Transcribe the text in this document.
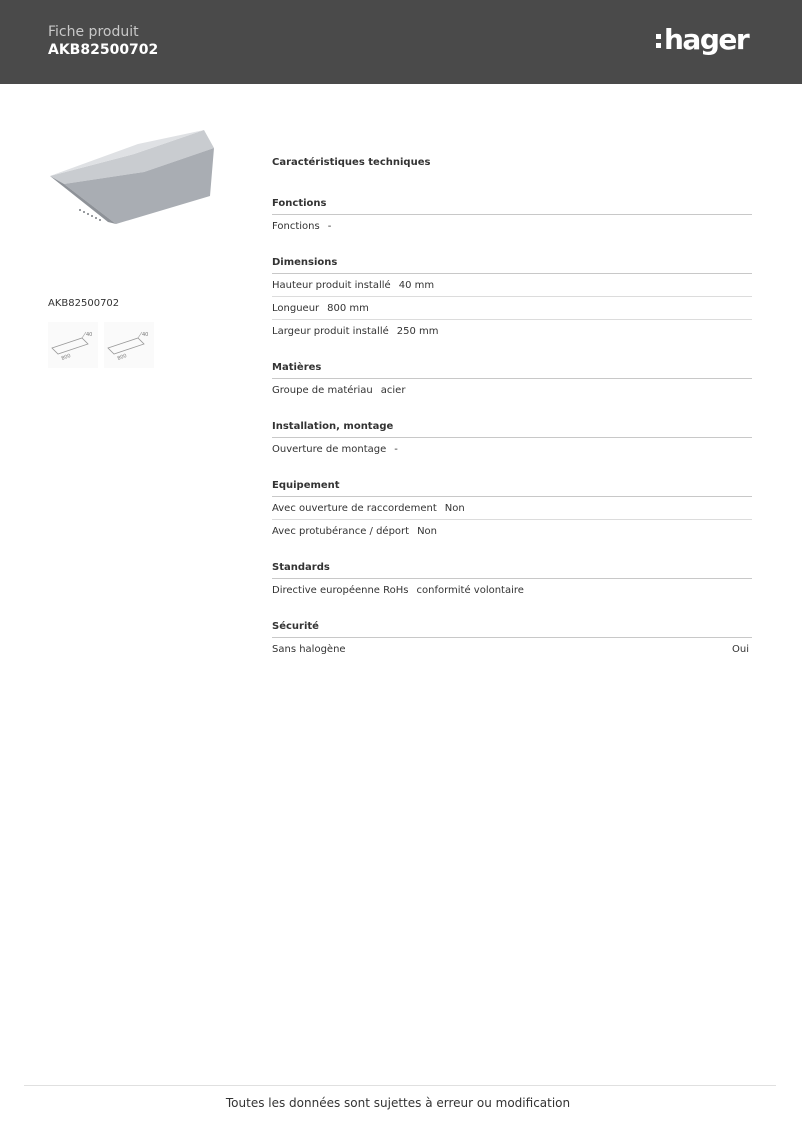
Fiche produit
AKB82500702	hager
AKB82500702
40
800
40
800
Caractéristiques techniques
Fonctions
Fonctions -
Dimensions
Hauteur produit installé 40 mm
Longueur 800 mm
Largeur produit installé 250 mm
Matières
Groupe de matériau acier
Installation, montage
Ouverture de montage -
Equipement
Avec ouverture de raccordement Non
Avec protubérance / déport Non
Standards
Directive européenne RoHs conformité volontaire
Sécurité
Sans halogène	Oui
Toutes les données sont sujettes à erreur ou modification
